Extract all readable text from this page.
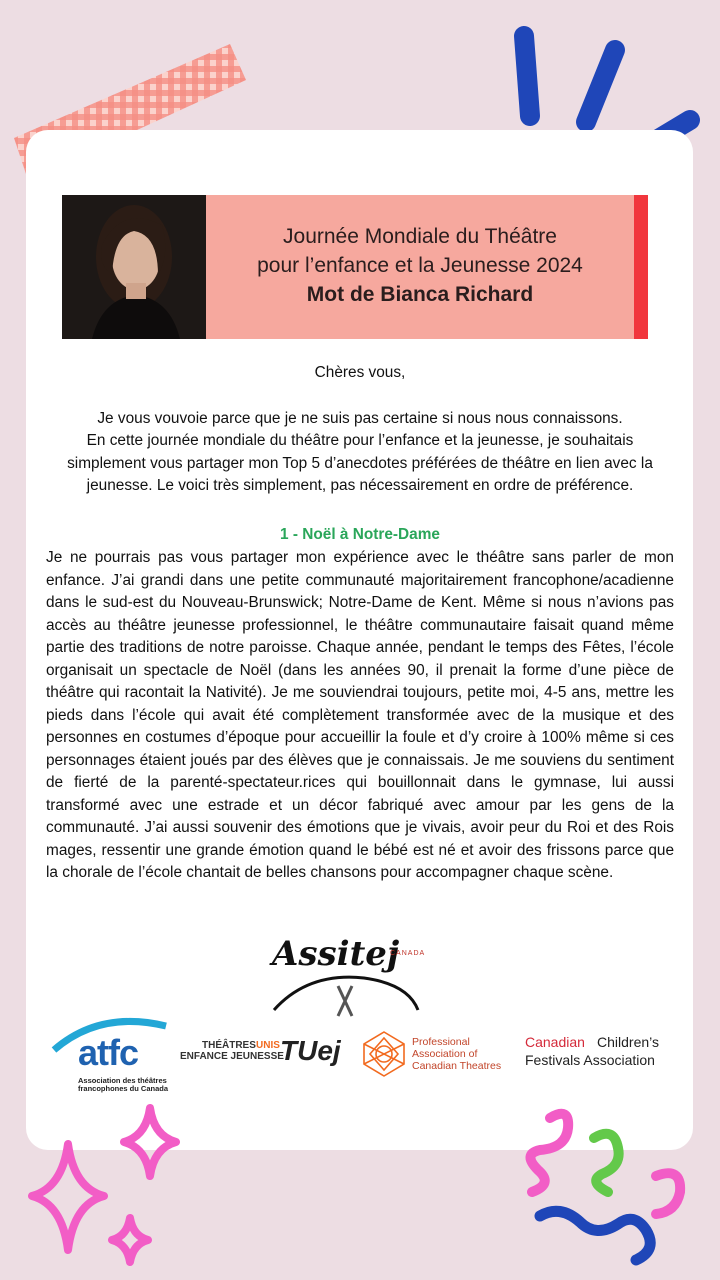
Journée Mondiale du Théâtre
pour l’enfance et la Jeunesse 2024
Mot de Bianca Richard
Chères vous,
Je vous vouvoie parce que je ne suis pas certaine si nous nous connaissons.
En cette journée mondiale du théâtre pour l’enfance et la jeunesse, je souhaitais simplement vous partager mon Top 5 d’anecdotes préférées de théâtre en lien avec la jeunesse. Le voici très simplement, pas nécessairement en ordre de préférence.
1 - Noël à Notre-Dame
Je ne pourrais pas vous partager mon expérience avec le théâtre sans parler de mon enfance. J’ai grandi dans une petite communauté majoritairement francophone/acadienne dans le sud-est du Nouveau-Brunswick; Notre-Dame de Kent. Même si nous n’avions pas accès au théâtre jeunesse professionnel, le théâtre communautaire faisait quand même partie des traditions de notre paroisse. Chaque année, pendant le temps des Fêtes, l’école organisait un spectacle de Noël (dans les années 90, il prenait la forme d’une pièce de théâtre qui racontait la Nativité). Je me souviendrai toujours, petite moi, 4-5 ans, mettre les pieds dans l’école qui avait été complètement transformée avec de la musique et des personnes en costumes d’époque pour accueillir la foule et d’y croire à 100% même si ces personnages étaient joués par des élèves que je connaissais. Je me souviens du sentiment de fierté de la parenté-spectateur.rices qui bouillonnait dans le gymnase, lui aussi transformé avec une estrade et un décor fabriqué avec amour par les gens de la communauté. J’ai aussi souvenir des émotions que je vivais, avoir peur du Roi et des Rois mages, ressentir une grande émotion quand le bébé est né et avoir des frissons parce que la chorale de l’école chantait de belles chansons pour accompagner chaque scène.
Assitej
CANADA
atfc
Association des théâtres
francophones du Canada
THÉÂTRES UNIS
ENFANCE JEUNESSE
TUej	Professional
Association of
Canadian Theatres
Canadian Children’s
Festivals Association
